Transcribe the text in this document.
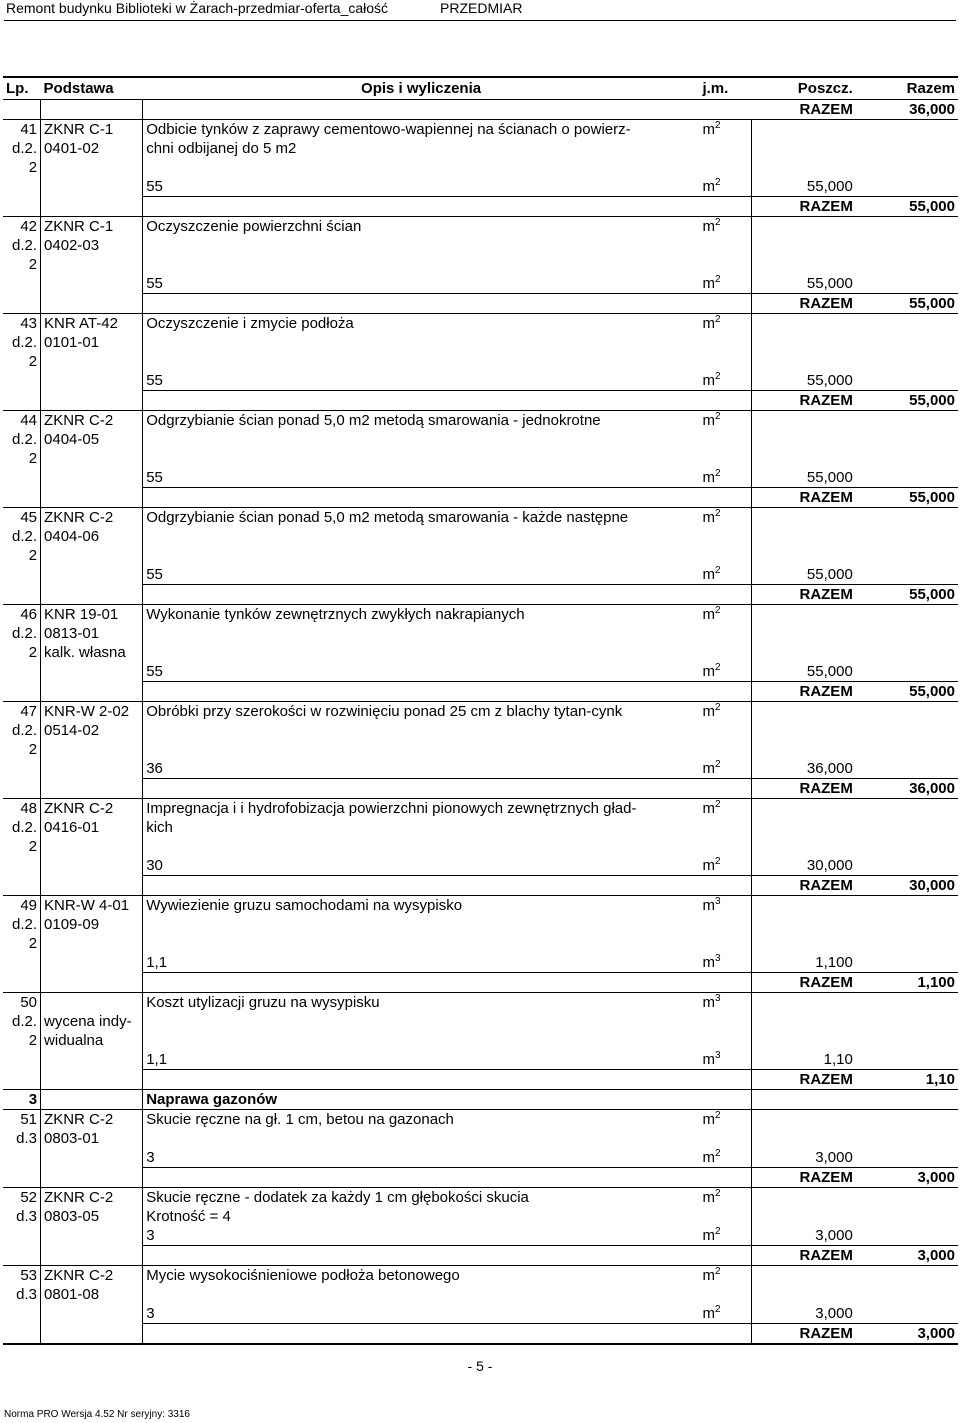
Remont budynku Biblioteki w Żarach-przedmiar-oferta_całość	PRZEDMIAR
Lp.	Podstawa	Opis i wyliczenia	j.m.	Poszcz.	Razem
				RAZEM	36,000
41	ZKNR C-1	Odbicie tynków z zaprawy cementowo-wapiennej na ścianach o powierz-	$m^2$		
d.2.	0401-02	chni odbijanej do 5 m2			
2					
		55	$m^2$	55,000	
				RAZEM	55,000
42	ZKNR C-1	Oczyszczenie powierzchni ścian	$m^2$		
d.2.	0402-03				
2					
		55	$m^2$	55,000	
				RAZEM	55,000
43	KNR AT-42	Oczyszczenie i zmycie podłoża	$m^2$		
d.2.	0101-01				
2					
		55	$m^2$	55,000	
				RAZEM	55,000
44	ZKNR C-2	Odgrzybianie ścian ponad 5,0 m2 metodą smarowania - jednokrotne	$m^2$		
d.2.	0404-05				
2					
		55	$m^2$	55,000	
				RAZEM	55,000
45	ZKNR C-2	Odgrzybianie ścian ponad 5,0 m2 metodą smarowania - każde następne	$m^2$		
d.2.	0404-06				
2					
		55	$m^2$	55,000	
				RAZEM	55,000
46	KNR 19-01	Wykonanie tynków zewnętrznych zwykłych nakrapianych	$m^2$		
d.2.	0813-01				
2	kalk. własna				
		55	$m^2$	55,000	
				RAZEM	55,000
47	KNR-W 2-02	Obróbki przy szerokości w rozwinięciu ponad 25 cm z blachy tytan-cynk	$m^2$		
d.2.	0514-02				
2					
		36	$m^2$	36,000	
				RAZEM	36,000
48	ZKNR C-2	Impregnacja i i hydrofobizacja powierzchni pionowych zewnętrznych gład-	$m^2$		
d.2.	0416-01	kich			
2					
		30	$m^2$	30,000	
				RAZEM	30,000
49	KNR-W 4-01	Wywiezienie gruzu samochodami na wysypisko	$m^3$		
d.2.	0109-09				
2					
		1,1	$m^3$	1,100	
				RAZEM	1,100
50		Koszt utylizacji gruzu na wysypisku	$m^3$		
d.2.	wycena indy-				
2	widualna				
		1,1	$m^3$	1,10	
				RAZEM	1,10
3		Naprawa gazonów			
51	ZKNR C-2	Skucie ręczne na gł. 1 cm, betou na gazonach	$m^2$		
d.3	0803-01				
		3	$m^2$	3,000	
				RAZEM	3,000
52	ZKNR C-2	Skucie ręczne - dodatek za każdy 1 cm głębokości skucia	$m^2$		
d.3	0803-05	Krotność = 4			
		3	$m^2$	3,000	
				RAZEM	3,000
53	ZKNR C-2	Mycie wysokociśnieniowe podłoża betonowego	$m^2$		
d.3	0801-08				
		3	$m^2$	3,000	
				RAZEM	3,000
- 5 -
Norma PRO Wersja 4.52 Nr seryjny: 3316
